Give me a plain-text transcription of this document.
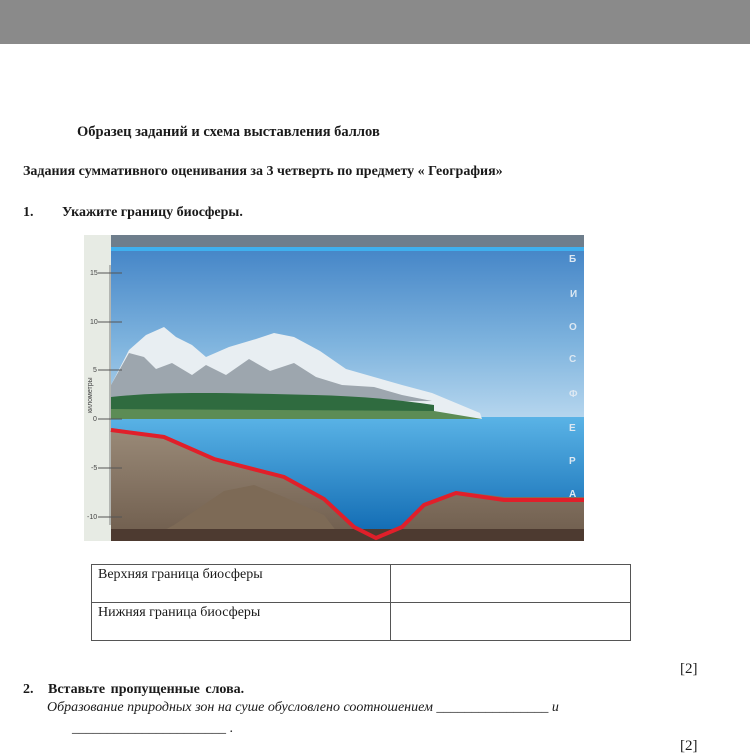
Образец заданий и схема выставления баллов
Задания суммативного оценивания за 3 четверть по предмету « География»
1. Укажите границу биосферы.
15
10
5
0
-5
-10
километры
Б
И
О
С
Ф
Е
Р
А
Верхняя граница биосферы	
Нижняя граница биосферы	
[2]
2. Вставьте пропущенные слова.
Образование природных зон на суше обусловлено соотношением ________________ и
______________________ .
[2]
